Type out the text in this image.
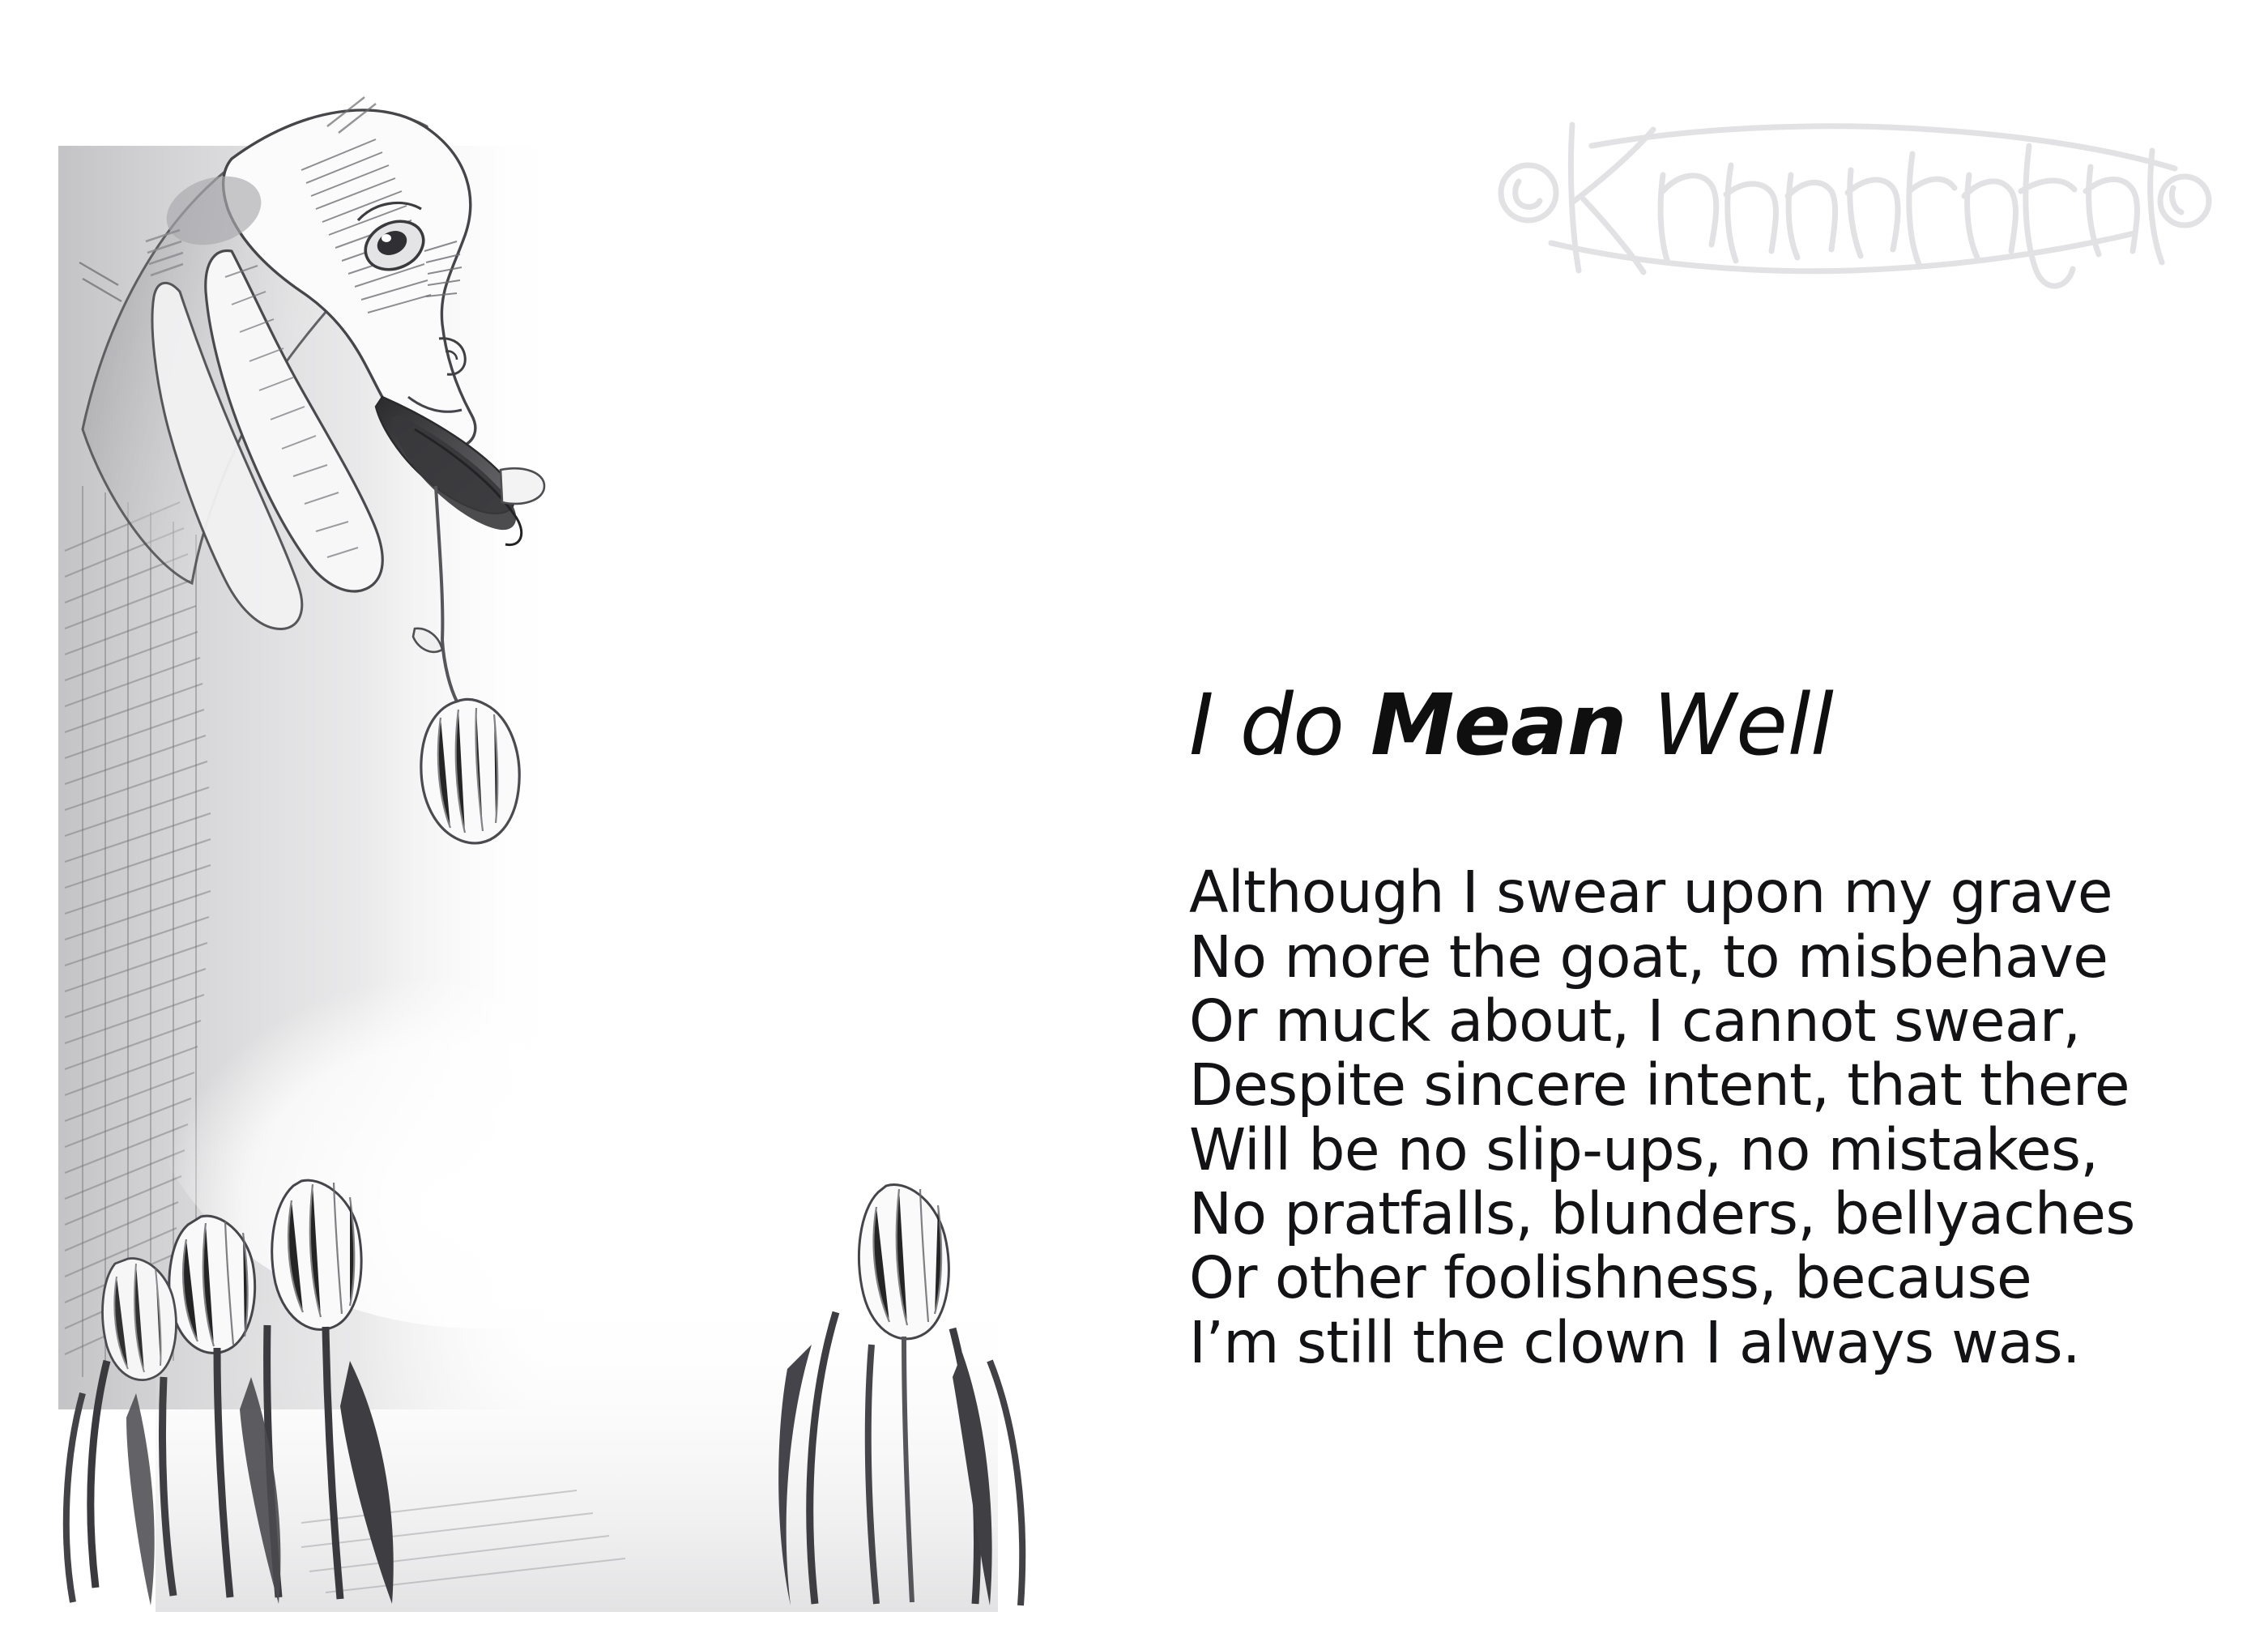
I do Mean Well
Although I swear upon my grave
No more the goat, to misbehave
Or muck about, I cannot swear,
Despite sincere intent, that there
Will be no slip-ups, no mistakes,
No pratfalls, blunders, bellyaches
Or other foolishness, because
I’m still the clown I always was.
